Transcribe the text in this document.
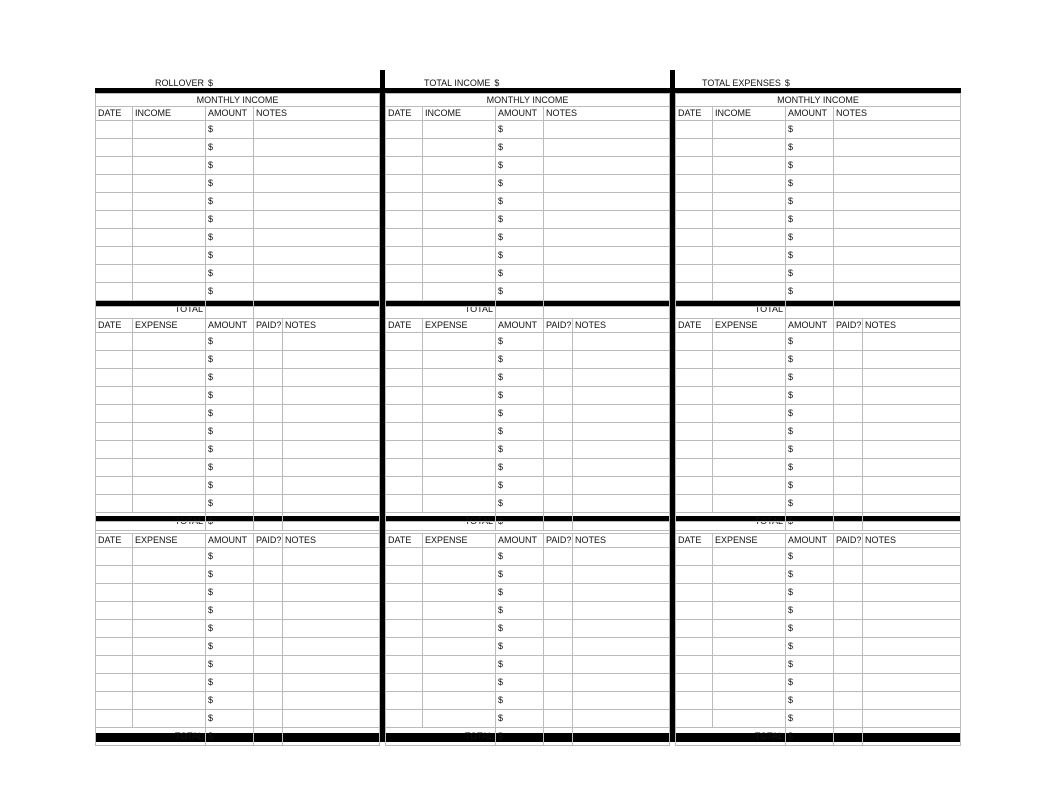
ROLLOVER $	TOTAL INCOME $	TOTAL EXPENSES $
MONTHLY INCOME			
DATE	INCOME	AMOUNT	NOTES
		$	
		$	
		$	
		$	
		$	
		$	
		$	
		$	
		$	
		$	
TOTAL			

DATE	EXPENSE	AMOUNT	PAID?	NOTES
		$		
		$		
		$		
		$		
		$		
		$		
		$		
		$		
		$		
		$		
TOTAL		$		

DATE	EXPENSE	AMOUNT	PAID?	NOTES
		$		
		$		
		$		
		$		
		$		
		$		
		$		
		$		
		$		
		$		
TOTAL		$		
MONTHLY INCOME			
DATE	INCOME	AMOUNT	NOTES
		$	
		$	
		$	
		$	
		$	
		$	
		$	
		$	
		$	
		$	
TOTAL			

DATE	EXPENSE	AMOUNT	PAID?	NOTES
		$		
		$		
		$		
		$		
		$		
		$		
		$		
		$		
		$		
		$		
TOTAL		$		

DATE	EXPENSE	AMOUNT	PAID?	NOTES
		$		
		$		
		$		
		$		
		$		
		$		
		$		
		$		
		$		
		$		
TOTAL		$		
MONTHLY INCOME			
DATE	INCOME	AMOUNT	NOTES
		$	
		$	
		$	
		$	
		$	
		$	
		$	
		$	
		$	
		$	
TOTAL			

DATE	EXPENSE	AMOUNT	PAID?	NOTES
		$		
		$		
		$		
		$		
		$		
		$		
		$		
		$		
		$		
		$		
TOTAL		$		

DATE	EXPENSE	AMOUNT	PAID?	NOTES
		$		
		$		
		$		
		$		
		$		
		$		
		$		
		$		
		$		
		$		
TOTAL		$		
